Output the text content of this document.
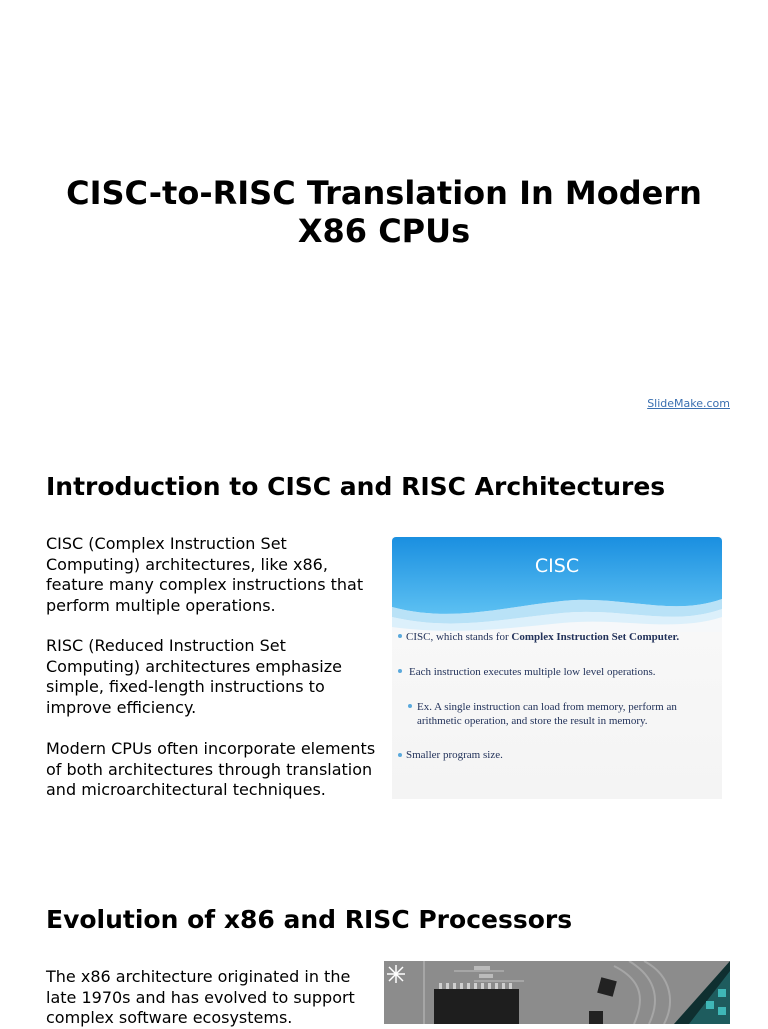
CISC-to-RISC Translation In Modern X86 CPUs
SlideMake.com
Introduction to CISC and RISC Architectures

CISC (Complex Instruction Set Computing) architectures, like x86, feature many complex instructions that perform multiple operations.

RISC (Reduced Instruction Set Computing) architectures emphasize simple, fixed-length instructions to improve efficiency.

Modern CPUs often incorporate elements of both architectures through translation and microarchitectural techniques.

CISC
CISC, which stands for Complex Instruction Set Computer.
Each instruction executes multiple low level operations.
Ex. A single instruction can load from memory, perform an
arithmetic operation, and store the result in memory.
Smaller program size.
Evolution of x86 and RISC Processors

The x86 architecture originated in the late 1970s and has evolved to support complex software ecosystems.
